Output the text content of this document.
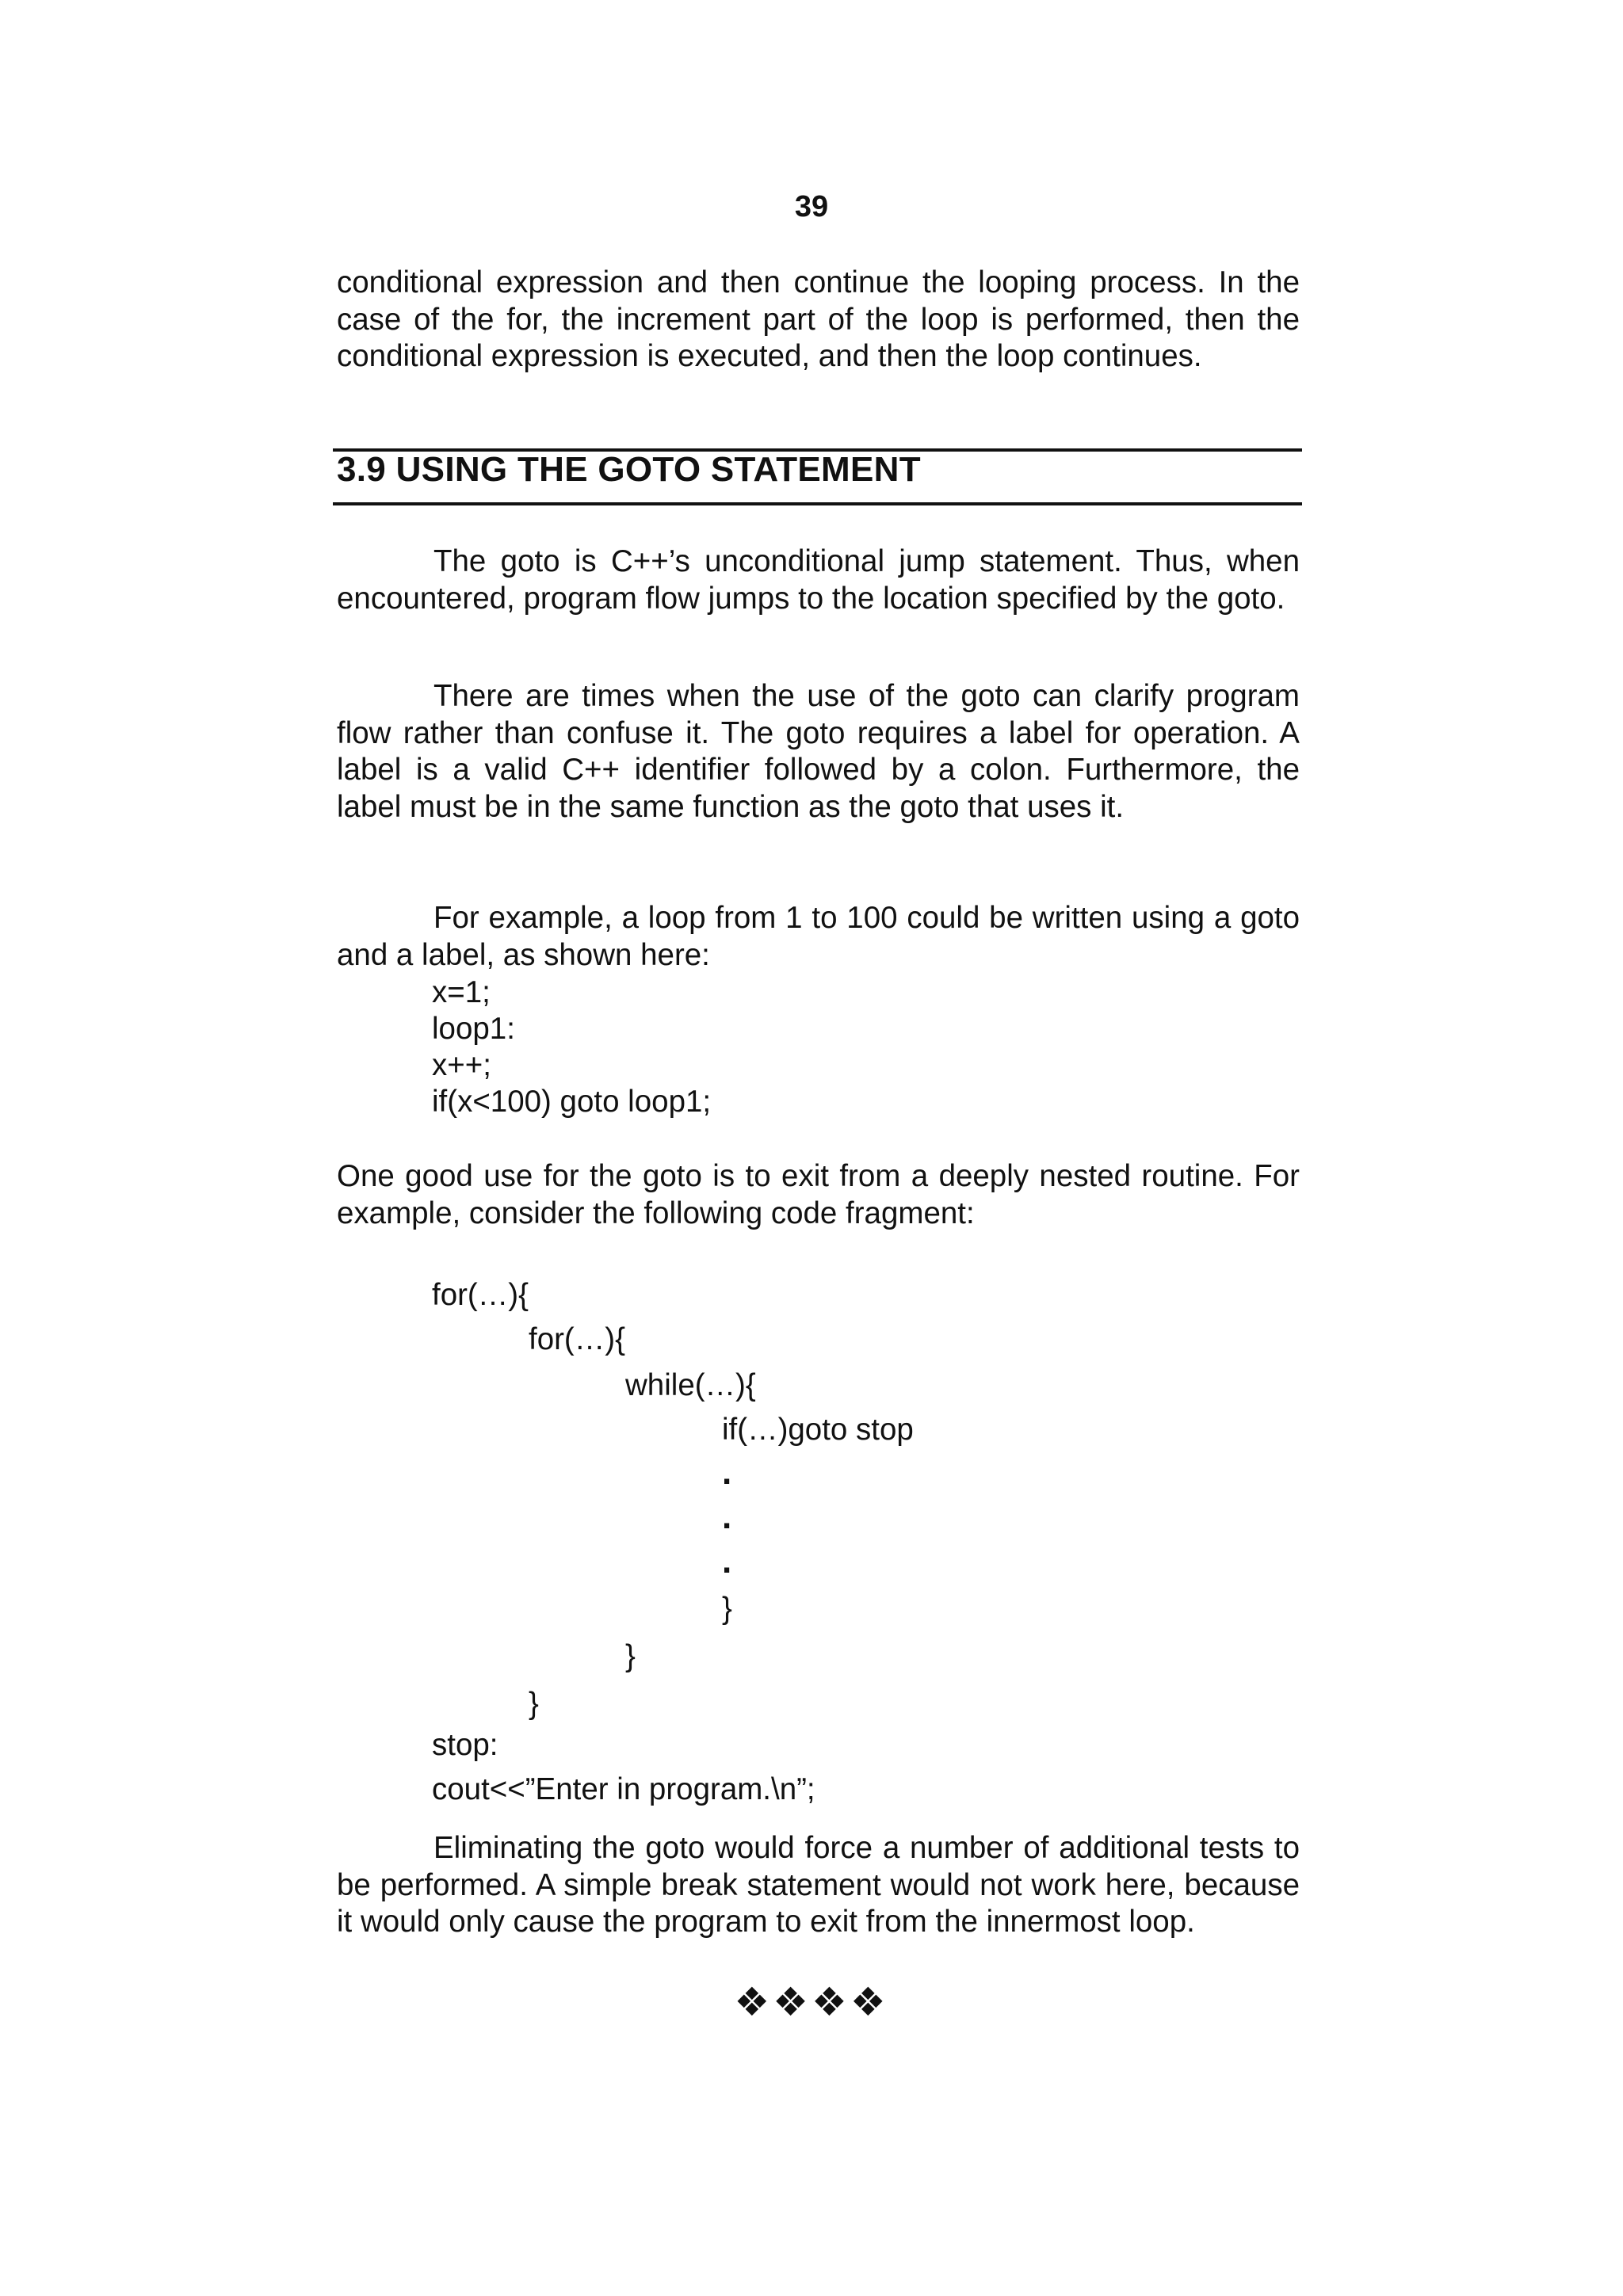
39

conditional expression and then continue the looping process. In the case of the for, the increment part of the loop is performed, then the conditional expression is executed, and then the loop continues.

3.9 USING THE GOTO STATEMENT

The goto is C++’s unconditional jump statement. Thus, when encountered, program flow jumps to the location specified by the goto.

There are times when the use of the goto can clarify program flow rather than confuse it. The goto requires a label for operation. A label is a valid C++ identifier followed by a colon. Furthermore, the label must be in the same function as the goto that uses it.

For example, a loop from 1 to 100 could be written using a goto and a label, as shown here:

x=1;
loop1:
x++;
if(x<100) goto loop1;

One good use for the goto is to exit from a deeply nested routine. For example, consider the following code fragment:

for(…){
for(…){
while(…){
if(…)goto stop
.
.
.
}
}
}
stop:
cout<<”Enter in program.\n”;

Eliminating the goto would force a number of additional tests to be performed. A simple break statement would not work here, because it would only cause the program to exit from the innermost loop.

❖❖❖❖
